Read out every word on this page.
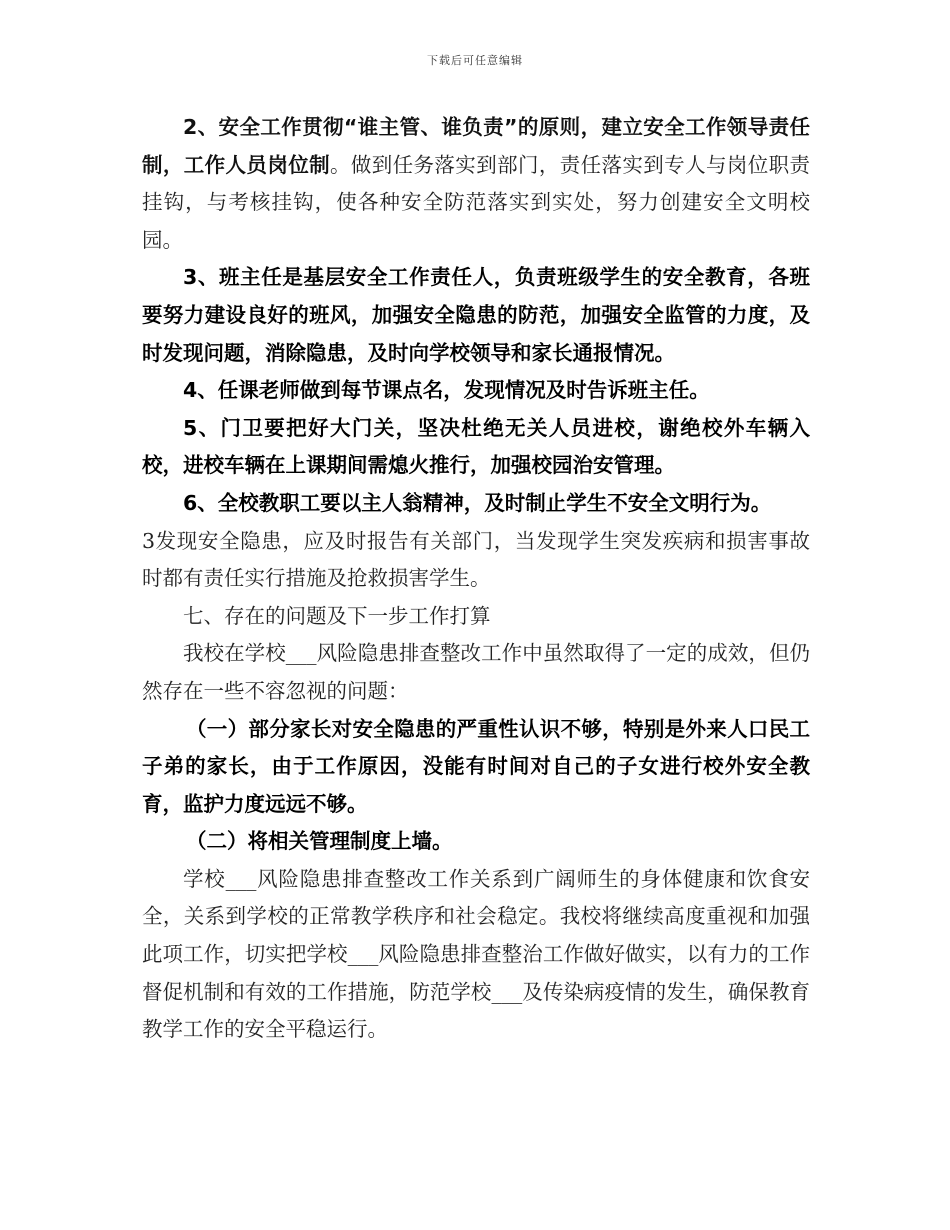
下载后可任意编辑

2、安全工作贯彻“谁主管、谁负责”的原则，建立安全工作领导责任制，工作人员岗位制。做到任务落实到部门，责任落实到专人与岗位职责挂钩，与考核挂钩，使各种安全防范落实到实处，努力创建安全文明校园。

3、班主任是基层安全工作责任人，负责班级学生的安全教育，各班要努力建设良好的班风，加强安全隐患的防范，加强安全监管的力度，及时发现问题，消除隐患，及时向学校领导和家长通报情况。

4、任课老师做到每节课点名，发现情况及时告诉班主任。

5、门卫要把好大门关，坚决杜绝无关人员进校，谢绝校外车辆入校，进校车辆在上课期间需熄火推行，加强校园治安管理。

6、全校教职工要以主人翁精神，及时制止学生不安全文明行为。

3发现安全隐患，应及时报告有关部门，当发现学生突发疾病和损害事故时都有责任实行措施及抢救损害学生。

七、存在的问题及下一步工作打算

我校在学校___风险隐患排查整改工作中虽然取得了一定的成效，但仍然存在一些不容忽视的问题：

（一）部分家长对安全隐患的严重性认识不够，特别是外来人口民工子弟的家长，由于工作原因，没能有时间对自己的子女进行校外安全教育，监护力度远远不够。

（二）将相关管理制度上墙。

学校___风险隐患排查整改工作关系到广阔师生的身体健康和饮食安全，关系到学校的正常教学秩序和社会稳定。我校将继续高度重视和加强此项工作，切实把学校___风险隐患排查整治工作做好做实，以有力的工作督促机制和有效的工作措施，防范学校___及传染病疫情的发生，确保教育教学工作的安全平稳运行。
